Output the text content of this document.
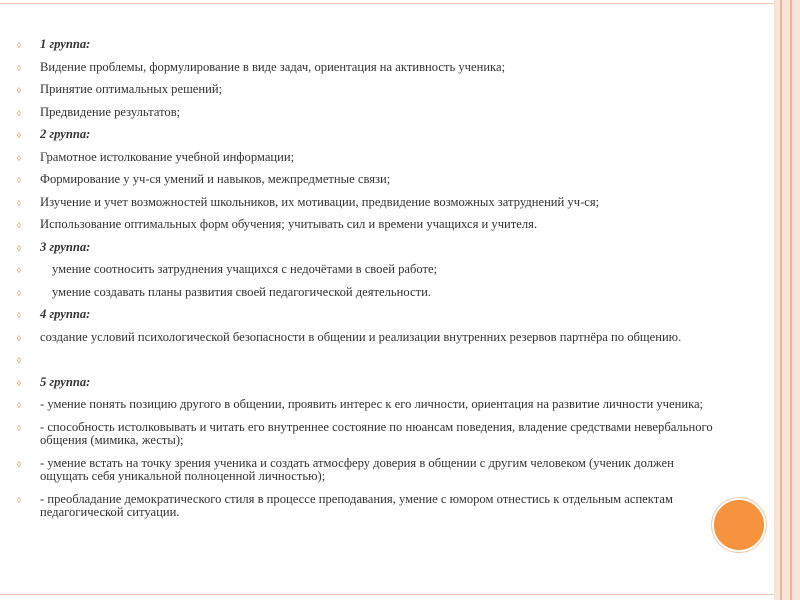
◊ 1 группа:
◊ Видение проблемы, формулирование в виде задач, ориентация на активность ученика;
◊ Принятие оптимальных решений;
◊ Предвидение результатов;
◊ 2 группа:
◊ Грамотное истолкование учебной информации;
◊ Формирование у уч-ся умений и навыков, межпредметные связи;
◊ Изучение и учет возможностей школьников, их мотивации, предвидение возможных затруднений уч-ся;
◊ Использование оптимальных форм обучения; учитывать сил и времени учащихся и учителя.
◊ 3 группа:
◊ умение соотносить затруднения учащихся с недочётами в своей работе;
◊ умение создавать планы развития своей педагогической деятельности.
◊ 4 группа:
◊ создание условий психологической безопасности в общении и реализации внутренних резервов партнёра по общению.
◊
◊ 5 группа:
◊ - умение понять позицию другого в общении, проявить интерес к его личности, ориентация на развитие личности ученика;
◊ - способность истолковывать и читать его внутреннее состояние по нюансам поведения, владение средствами невербального общения (мимика, жесты);
◊ - умение встать на точку зрения ученика и создать атмосферу доверия в общении с другим человеком (ученик должен ощущать себя уникальной полноценной личностью);
◊ - преобладание демократического стиля в процессе преподавания, умение с юмором отнестись к отдельным аспектам педагогической ситуации.
